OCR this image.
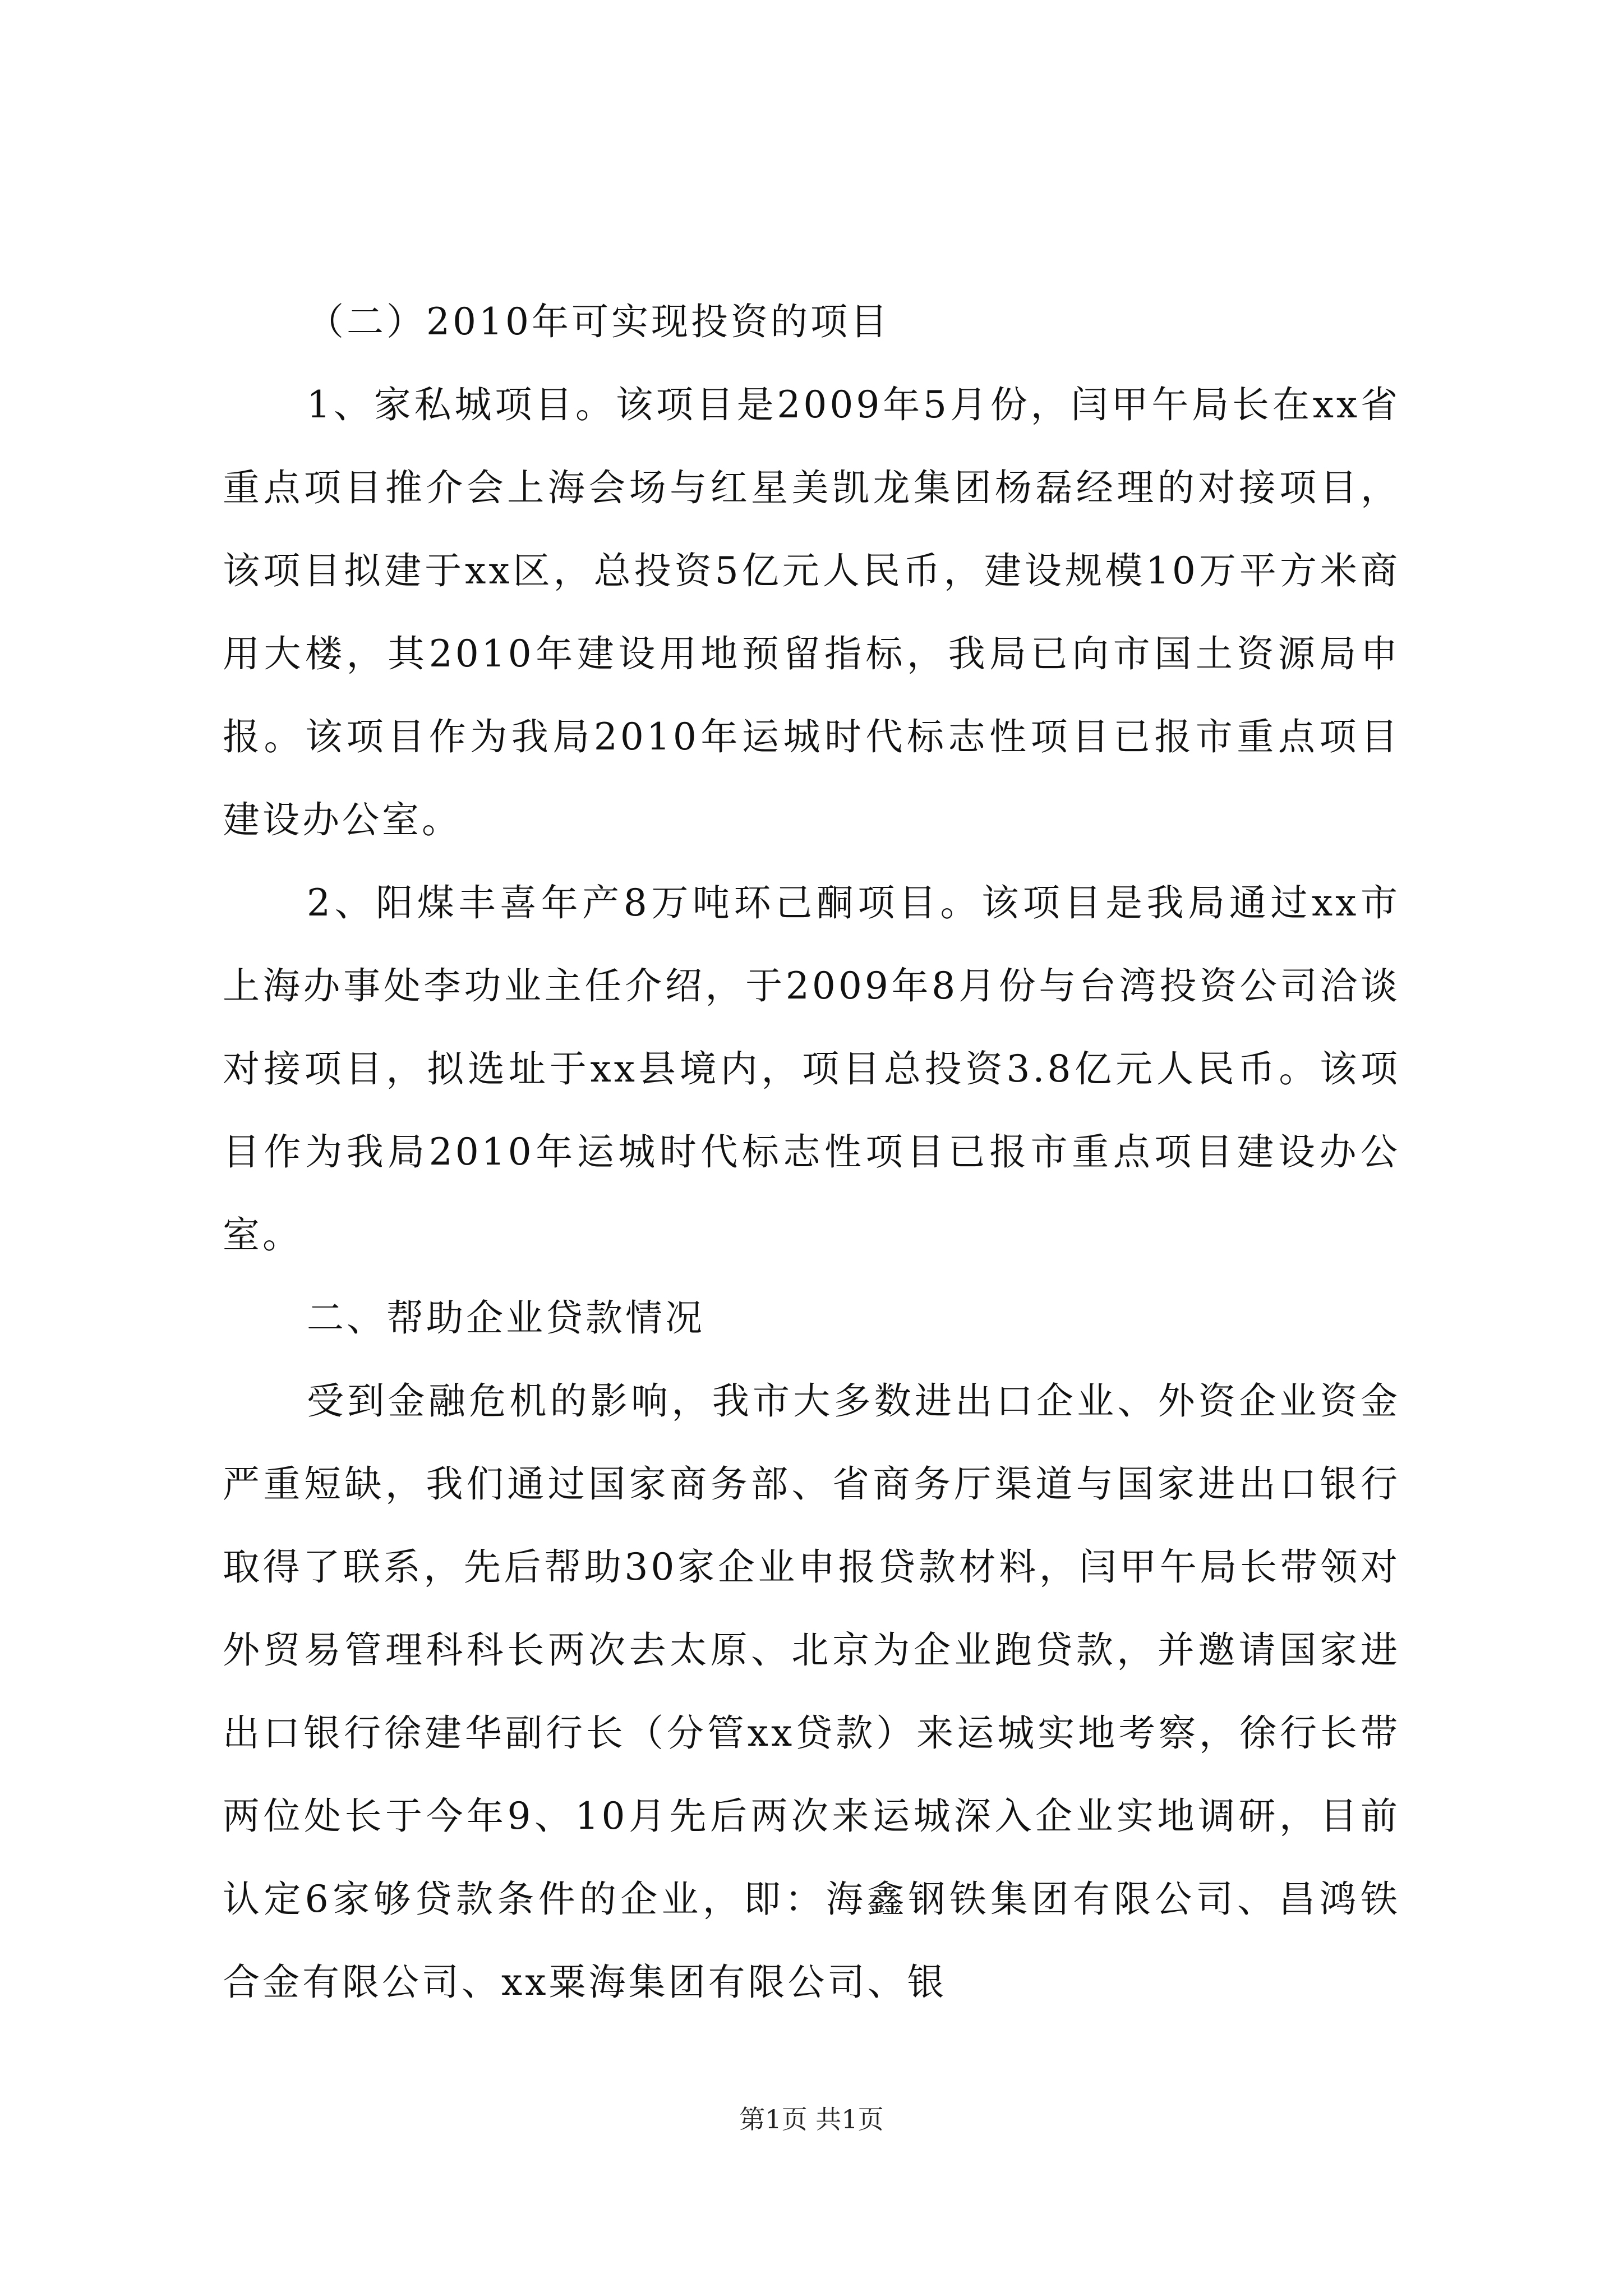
（二）2010年可实现投资的项目

1、家私城项目。该项目是2009年5月份，闫甲午局长在xx省重点项目推介会上海会场与红星美凯龙集团杨磊经理的对接项目，该项目拟建于xx区，总投资5亿元人民币，建设规模10万平方米商用大楼，其2010年建设用地预留指标，我局已向市国土资源局申报。该项目作为我局2010年运城时代标志性项目已报市重点项目建设办公室。

2、阳煤丰喜年产8万吨环己酮项目。该项目是我局通过xx市上海办事处李功业主任介绍，于2009年8月份与台湾投资公司洽谈对接项目，拟选址于xx县境内，项目总投资3.8亿元人民币。该项目作为我局2010年运城时代标志性项目已报市重点项目建设办公室。

二、帮助企业贷款情况

受到金融危机的影响，我市大多数进出口企业、外资企业资金严重短缺，我们通过国家商务部、省商务厅渠道与国家进出口银行取得了联系，先后帮助30家企业申报贷款材料，闫甲午局长带领对外贸易管理科科长两次去太原、北京为企业跑贷款，并邀请国家进出口银行徐建华副行长（分管xx贷款）来运城实地考察，徐行长带两位处长于今年9、10月先后两次来运城深入企业实地调研，目前认定6家够贷款条件的企业，即：海鑫钢铁集团有限公司、昌鸿铁合金有限公司、xx粟海集团有限公司、银

第1页 共1页
